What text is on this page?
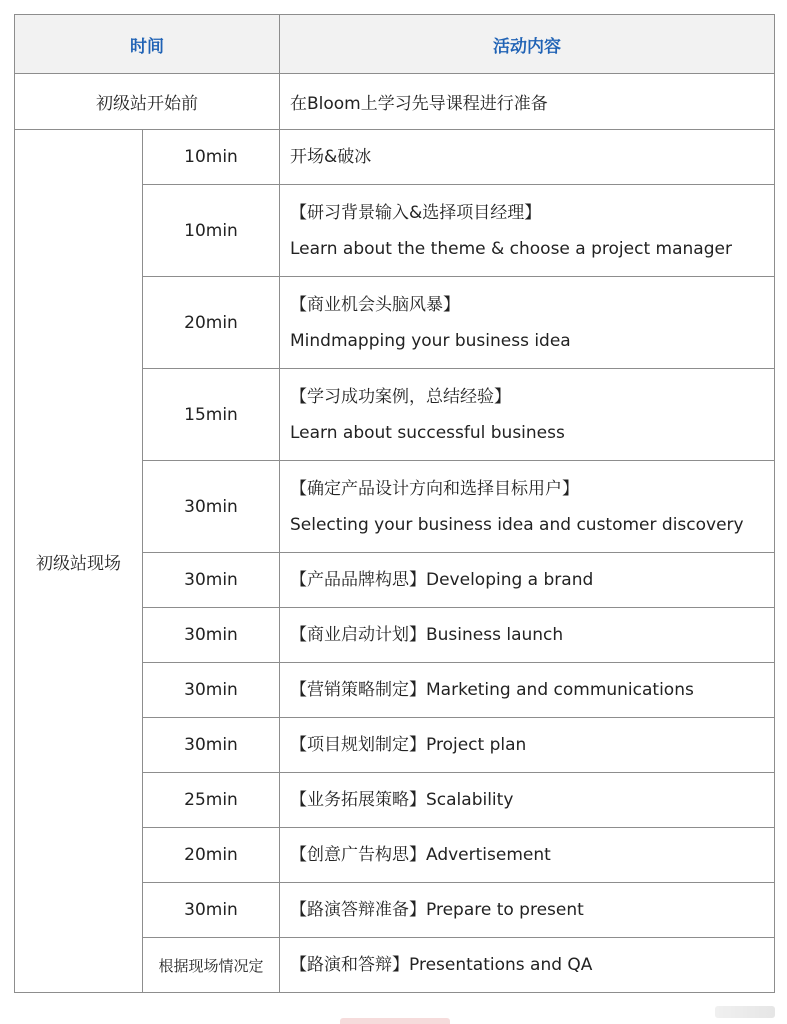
时间		活动内容
初级站开始前		在Bloom上学习先导课程进行准备
初级站现场	10min	开场&破冰

	10min	【研习背景输入&选择项目经理】
Learn about the theme & choose a project manager

	20min	【商业机会头脑风暴】
Mindmapping your business idea

	15min	【学习成功案例，总结经验】
Learn about successful business

	30min	【确定产品设计方向和选择目标用户】
Selecting your business idea and customer discovery

	30min	【产品品牌构思】Developing a brand

	30min	【商业启动计划】Business launch

	30min	【营销策略制定】Marketing and communications

	30min	【项目规划制定】Project plan

	25min	【业务拓展策略】Scalability

	20min	【创意广告构思】Advertisement

	30min	【路演答辩准备】Prepare to present

	根据现场情况定	【路演和答辩】Presentations and QA
